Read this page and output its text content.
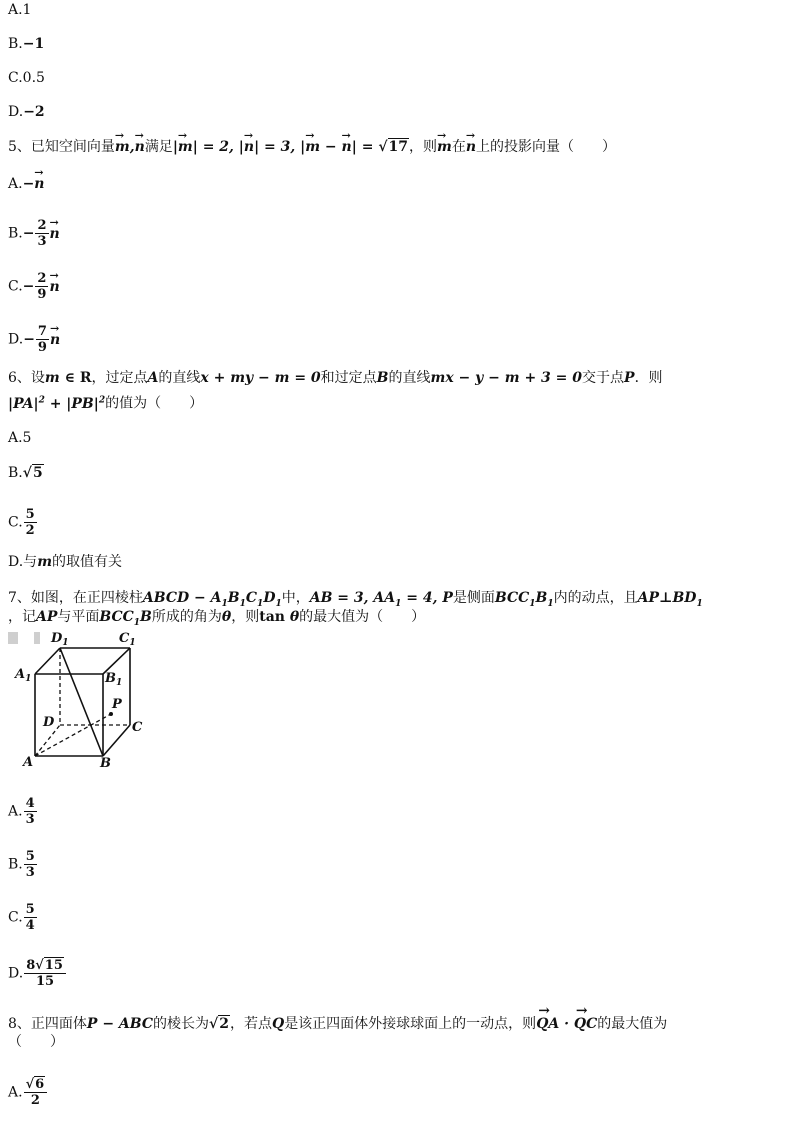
A.1
B.−1
C.0.5
D.−2
5、已知空间向量→ m,→ n满足|→ m| = 2, |→ n| = 3, |→ m − → n| = √17，则→ m在→ n上的投影向量（　　）
A.−→ n
$B.- \frac{2}{3}$
→ n
$C.- \frac{2}{9}$
→ n
$D.- \frac{7}{9}$
→ n
6、设m ∈ R，过定点A的直线x + my − m = 0和过定点B的直线mx − y − m + 3 = 0交于点P．则
$|PA|^2 + |PB|^2$的值为（　　）
A.5
B.√5
C. $\frac{5}{2}$
D.与m的取值有关
7、如图，在正四棱柱ABCD − $A_1B_1C_1D_1$中，AB = 3, $AA_1 = 4$, P是侧面$BCC_1B_1$内的动点，且$AP\perp BD_1$
，记AP与平面$BCC_1B$所成的角为θ，则tan θ的最大值为（　　）
$D_1$	$C_1$
$A_1$	$B_1$
D	C
A	B
P
A. $\frac{4}{3}$
B. $\frac{5}{3}$
C. $\frac{5}{4}$
D. $\frac{8√15}{15}$
8、正四面体P − ABC的棱长为√2，若点Q是该正四面体外接球球面上的一动点，则→ QA · → QC的最大值为
（　　）
A. $\frac{√6}{2}$
